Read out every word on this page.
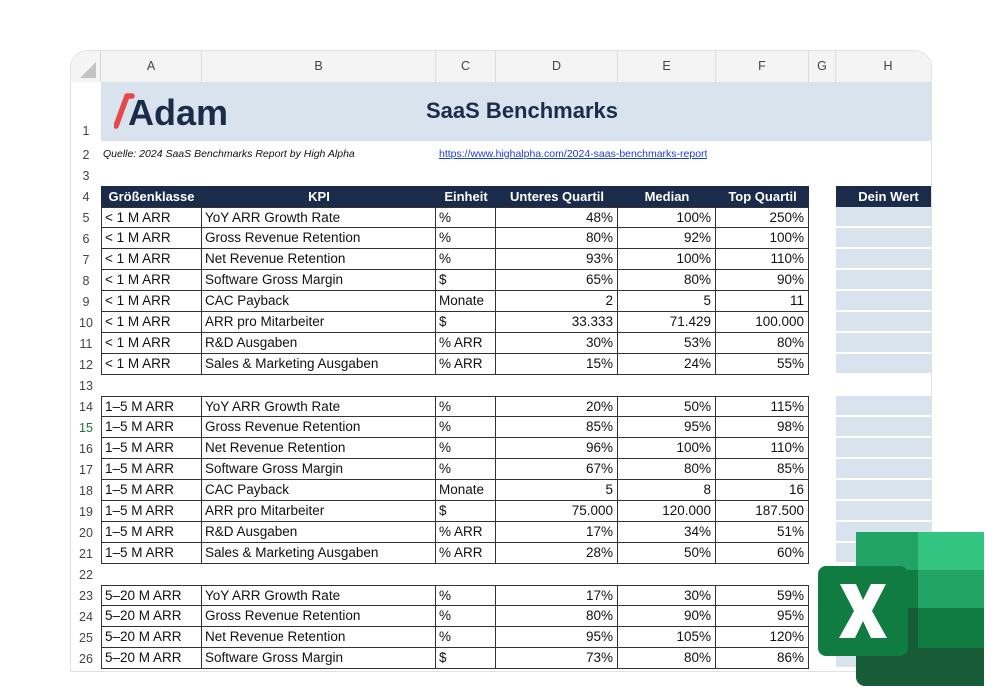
Adam	SaaS Benchmarks
A	B	C	D	E	F	G	H
1
2
3
4
5
6
7
8
9
10
11
12
13
14
15
16
17
18
19
20
21
22
23
24
25
26
Quelle: 2024 SaaS Benchmarks Report by High Alpha	https://www.highalpha.com/2024-saas-benchmarks-report
Größenklasse	KPI	Einheit	Unteres Quartil	Median	Top Quartil	Dein Wert
< 1 M ARR	YoY ARR Growth Rate	%	48%	100%	250%
< 1 M ARR	Gross Revenue Retention	%	80%	92%	100%
< 1 M ARR	Net Revenue Retention	%	93%	100%	110%
< 1 M ARR	Software Gross Margin	$	65%	80%	90%
< 1 M ARR	CAC Payback	Monate	2	5	11
< 1 M ARR	ARR pro Mitarbeiter	$	33.333	71.429	100.000
< 1 M ARR	R&D Ausgaben	% ARR	30%	53%	80%
< 1 M ARR	Sales & Marketing Ausgaben	% ARR	15%	24%	55%
1–5 M ARR	YoY ARR Growth Rate	%	20%	50%	115%
1–5 M ARR	Gross Revenue Retention	%	85%	95%	98%
1–5 M ARR	Net Revenue Retention	%	96%	100%	110%
1–5 M ARR	Software Gross Margin	%	67%	80%	85%
1–5 M ARR	CAC Payback	Monate	5	8	16
1–5 M ARR	ARR pro Mitarbeiter	$	75.000	120.000	187.500
1–5 M ARR	R&D Ausgaben	% ARR	17%	34%	51%
1–5 M ARR	Sales & Marketing Ausgaben	% ARR	28%	50%	60%
5–20 M ARR	YoY ARR Growth Rate	%	17%	30%	59%
5–20 M ARR	Gross Revenue Retention	%	80%	90%	95%
5–20 M ARR	Net Revenue Retention	%	95%	105%	120%
5–20 M ARR	Software Gross Margin	$	73%	80%	86%
